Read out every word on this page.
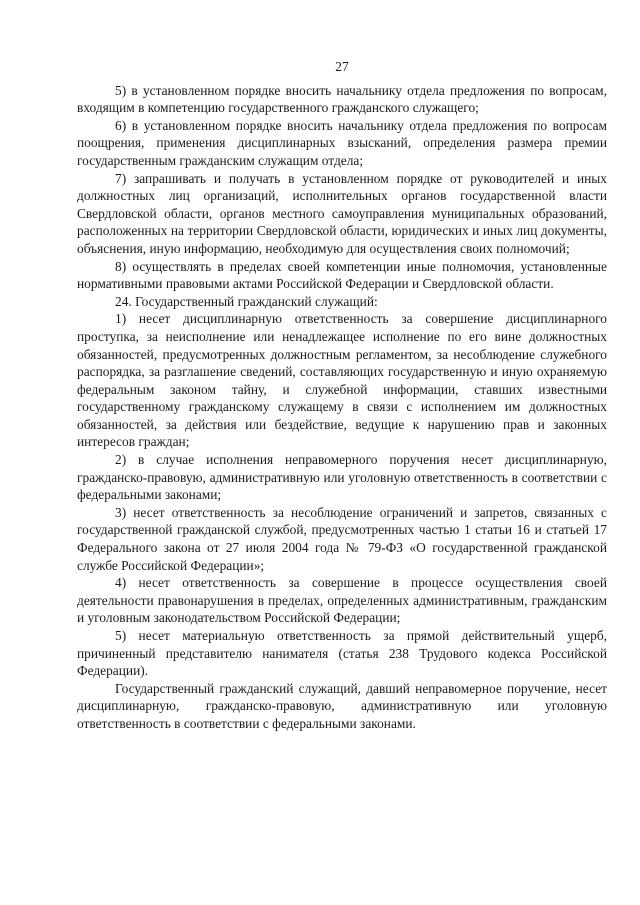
27

5) в установленном порядке вносить начальнику отдела предложения по вопросам, входящим в компетенцию государственного гражданского служащего;

6) в установленном порядке вносить начальнику отдела предложения по вопросам поощрения, применения дисциплинарных взысканий, определения размера премии государственным гражданским служащим отдела;

7) запрашивать и получать в установленном порядке от руководителей и иных должностных лиц организаций, исполнительных органов государственной власти Свердловской области, органов местного самоуправления муниципальных образований, расположенных на территории Свердловской области, юридических и иных лиц документы, объяснения, иную информацию, необходимую для осуществления своих полномочий;

8) осуществлять в пределах своей компетенции иные полномочия, установленные нормативными правовыми актами Российской Федерации и Свердловской области.

24. Государственный гражданский служащий:

1) несет дисциплинарную ответственность за совершение дисциплинарного проступка, за неисполнение или ненадлежащее исполнение по его вине должностных обязанностей, предусмотренных должностным регламентом, за несоблюдение служебного распорядка, за разглашение сведений, составляющих государственную и иную охраняемую федеральным законом тайну, и служебной информации, ставших известными государственному гражданскому служащему в связи с исполнением им должностных обязанностей, за действия или бездействие, ведущие к нарушению прав и законных интересов граждан;

2) в случае исполнения неправомерного поручения несет дисциплинарную, гражданско-правовую, административную или уголовную ответственность в соответствии с федеральными законами;

3) несет ответственность за несоблюдение ограничений и запретов, связанных с государственной гражданской службой, предусмотренных частью 1 статьи 16 и статьей 17 Федерального закона от 27 июля 2004 года № 79-ФЗ «О государственной гражданской службе Российской Федерации»;

4) несет ответственность за совершение в процессе осуществления своей деятельности правонарушения в пределах, определенных административным, гражданским и уголовным законодательством Российской Федерации;

5) несет материальную ответственность за прямой действительный ущерб, причиненный представителю нанимателя (статья 238 Трудового кодекса Российской Федерации).

Государственный гражданский служащий, давший неправомерное поручение, несет дисциплинарную, гражданско-правовую, административную или уголовную ответственность в соответствии с федеральными законами.
